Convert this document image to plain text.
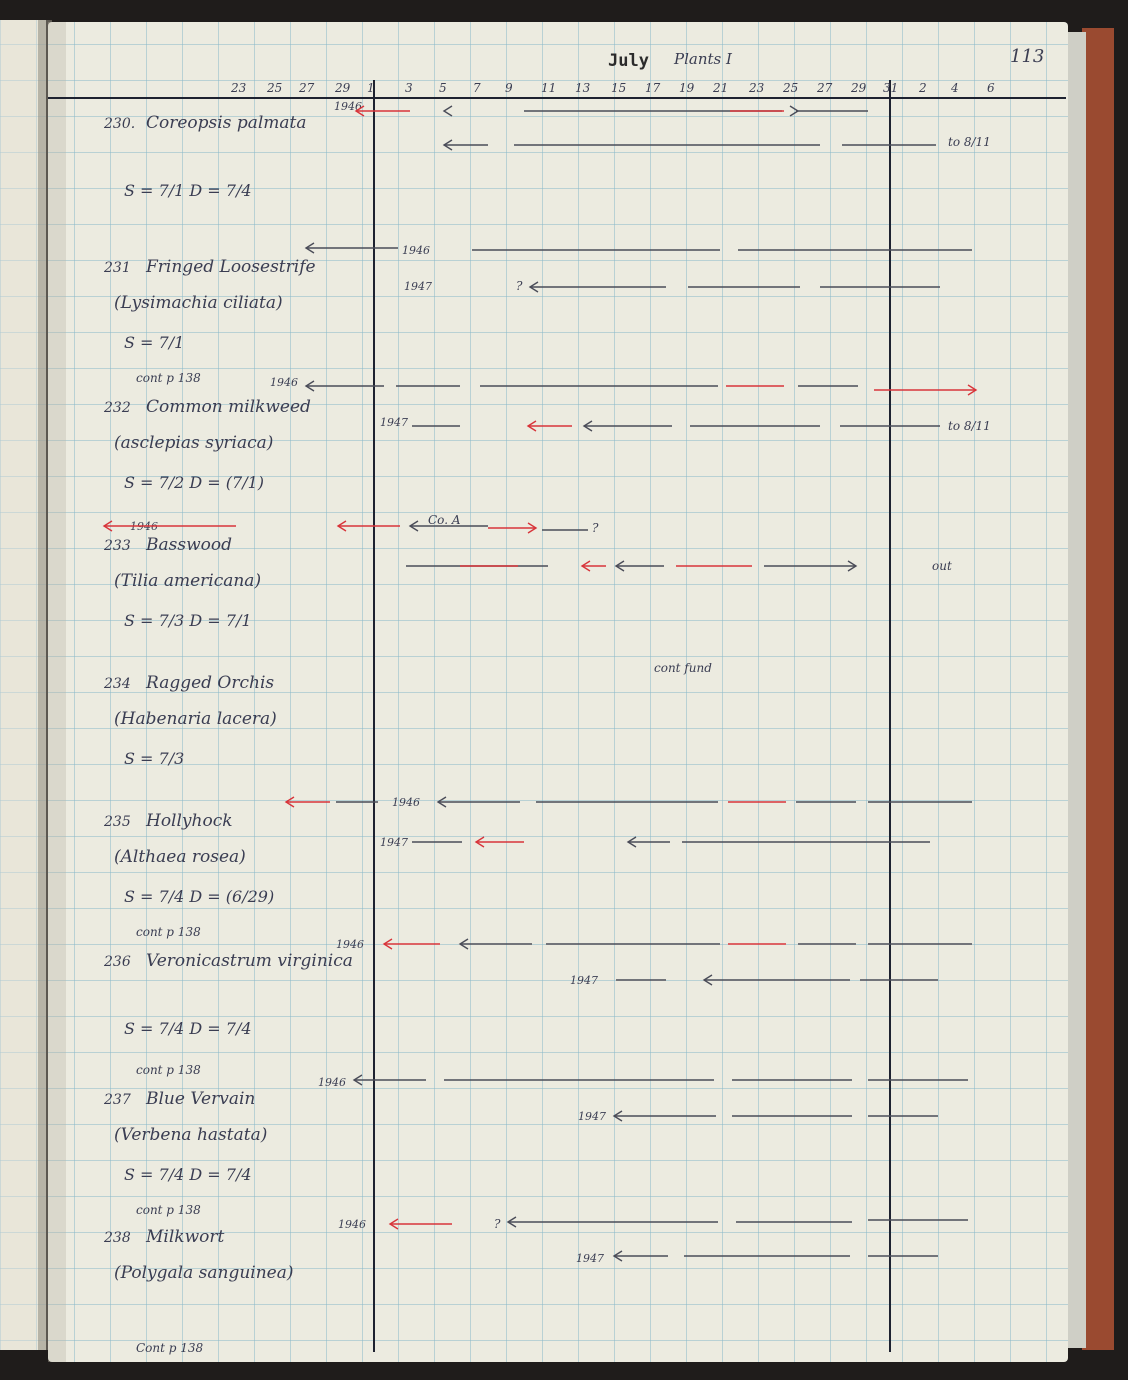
July Plants I	113
23 25 27 29 1	3 5 7 9 11 13 15 17 19 21 23 25 27 29 31 2 4 6
230. Coreopsis palmata
S = 7/1 D = 7/4
231 Fringed Loosestrife
(Lysimachia ciliata)
S = 7/1
cont p 138
232 Common milkweed
(asclepias syriaca)
S = 7/2 D = (7/1)
233 Basswood
(Tilia americana)
S = 7/3 D = 7/1
234 Ragged Orchis
(Habenaria lacera)
S = 7/3
235 Hollyhock
(Althaea rosea)
S = 7/4 D = (6/29)
cont p 138
236 Veronicastrum virginica
S = 7/4 D = 7/4
cont p 138
237 Blue Vervain
(Verbena hastata)
S = 7/4 D = 7/4
cont p 138
238 Milkwort
(Polygala sanguinea)
Cont p 138
1946
1946
1947
1946
1947
1946
1946
1947
1946
1947
1946
1947
1946
1947
to 8/11
?
to 8/11
Co. A
?
out
cont fund
?
